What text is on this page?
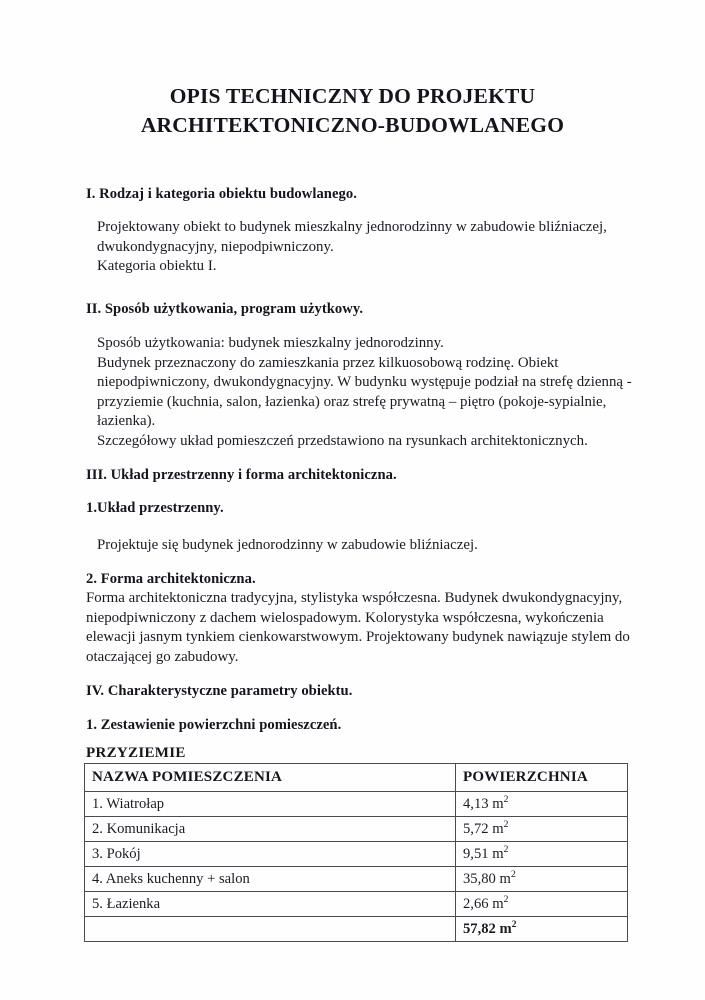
OPIS TECHNICZNY DO PROJEKTU
ARCHITEKTONICZNO-BUDOWLANEGO
I. Rodzaj i kategoria obiektu budowlanego.
Projektowany obiekt to budynek mieszkalny jednorodzinny w zabudowie bliźniaczej,
dwukondygnacyjny, niepodpiwniczony.
Kategoria obiektu I.
II. Sposób użytkowania, program użytkowy.
Sposób użytkowania: budynek mieszkalny jednorodzinny.
Budynek przeznaczony do zamieszkania przez kilkuosobową rodzinę. Obiekt
niepodpiwniczony, dwukondygnacyjny. W budynku występuje podział na strefę dzienną -
przyziemie (kuchnia, salon, łazienka) oraz strefę prywatną – piętro (pokoje-sypialnie,
łazienka).
Szczegółowy układ pomieszczeń przedstawiono na rysunkach architektonicznych.
III. Układ przestrzenny i forma architektoniczna.
1.Układ przestrzenny.
Projektuje się budynek jednorodzinny w zabudowie bliźniaczej.
2. Forma architektoniczna.
Forma architektoniczna tradycyjna, stylistyka współczesna. Budynek dwukondygnacyjny,
niepodpiwniczony z dachem wielospadowym. Kolorystyka współczesna, wykończenia
elewacji jasnym tynkiem cienkowarstwowym. Projektowany budynek nawiązuje stylem do
otaczającej go zabudowy.
IV. Charakterystyczne parametry obiektu.
1. Zestawienie powierzchni pomieszczeń.
PRZYZIEMIE
NAZWA POMIESZCZENIA	POWIERZCHNIA
1. Wiatrołap	4,13 $m^2$
2. Komunikacja	5,72 $m^2$
3. Pokój	9,51 $m^2$
4. Aneks kuchenny + salon	35,80 $m^2$
5. Łazienka	2,66 $m^2$
	57,82 $m^2$
